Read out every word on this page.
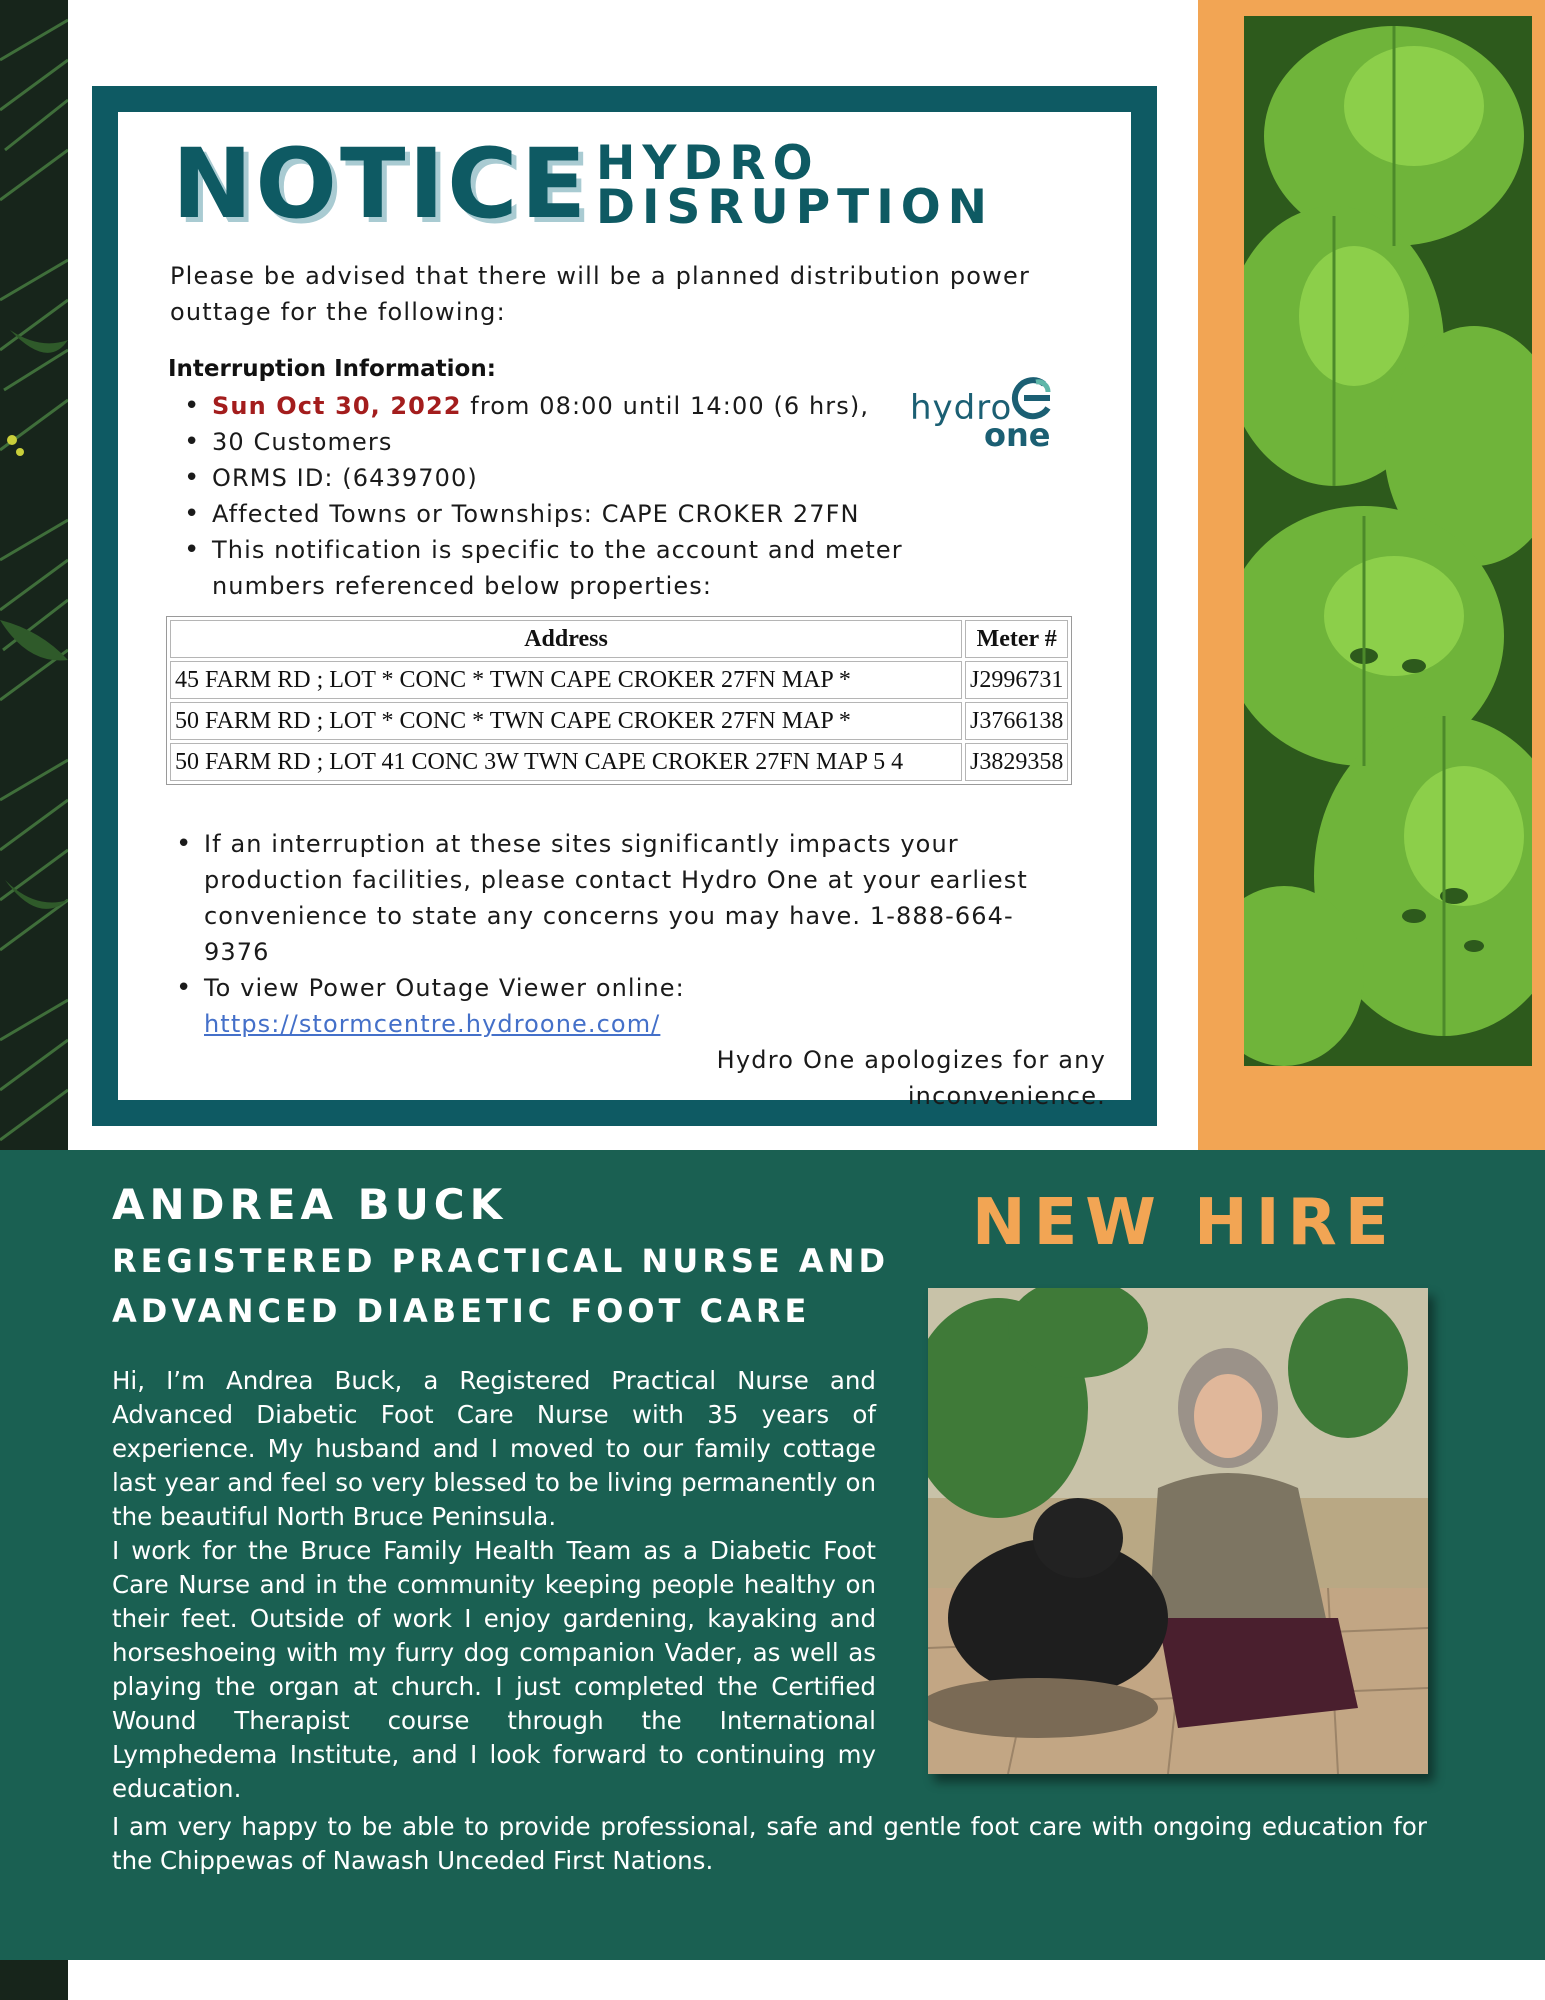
NOTICE HYDRO
DISRUPTION
Please be advised that there will be a planned distribution power outtage for the following:
Interruption Information:
• Sun Oct 30, 2022 from 08:00 until 14:00 (6 hrs),
• 30 Customers
• ORMS ID: (6439700)
• Affected Towns or Townships: CAPE CROKER 27FN
• This notification is specific to the account and meter numbers referenced below properties:
hydro
one
Address	Meter #
45 FARM RD ; LOT * CONC * TWN CAPE CROKER 27FN MAP *	J2996731
50 FARM RD ; LOT * CONC * TWN CAPE CROKER 27FN MAP *	J3766138
50 FARM RD ; LOT 41 CONC 3W TWN CAPE CROKER 27FN MAP 5 4	J3829358
• If an interruption at these sites significantly impacts your production facilities, please contact Hydro One at your earliest convenience to state any concerns you may have. 1-888-664-9376
• To view Power Outage Viewer online:
https://stormcentre.hydroone.com/
Hydro One apologizes for any inconvenience.
ANDREA BUCK
REGISTERED PRACTICAL NURSE AND
ADVANCED DIABETIC FOOT CARE
NEW HIRE

Hi, I’m Andrea Buck, a Registered Practical Nurse and Advanced Diabetic Foot Care Nurse with 35 years of experience. My husband and I moved to our family cottage last year and feel so very blessed to be living permanently on the beautiful North Bruce Peninsula.

I work for the Bruce Family Health Team as a Diabetic Foot Care Nurse and in the community keeping people healthy on their feet. Outside of work I enjoy gardening, kayaking and horseshoeing with my furry dog companion Vader, as well as playing the organ at church. I just completed the Certified Wound Therapist course through the International Lymphedema Institute, and I look forward to continuing my education.

I am very happy to be able to provide professional, safe and gentle foot care with ongoing education for the Chippewas of Nawash Unceded First Nations.
